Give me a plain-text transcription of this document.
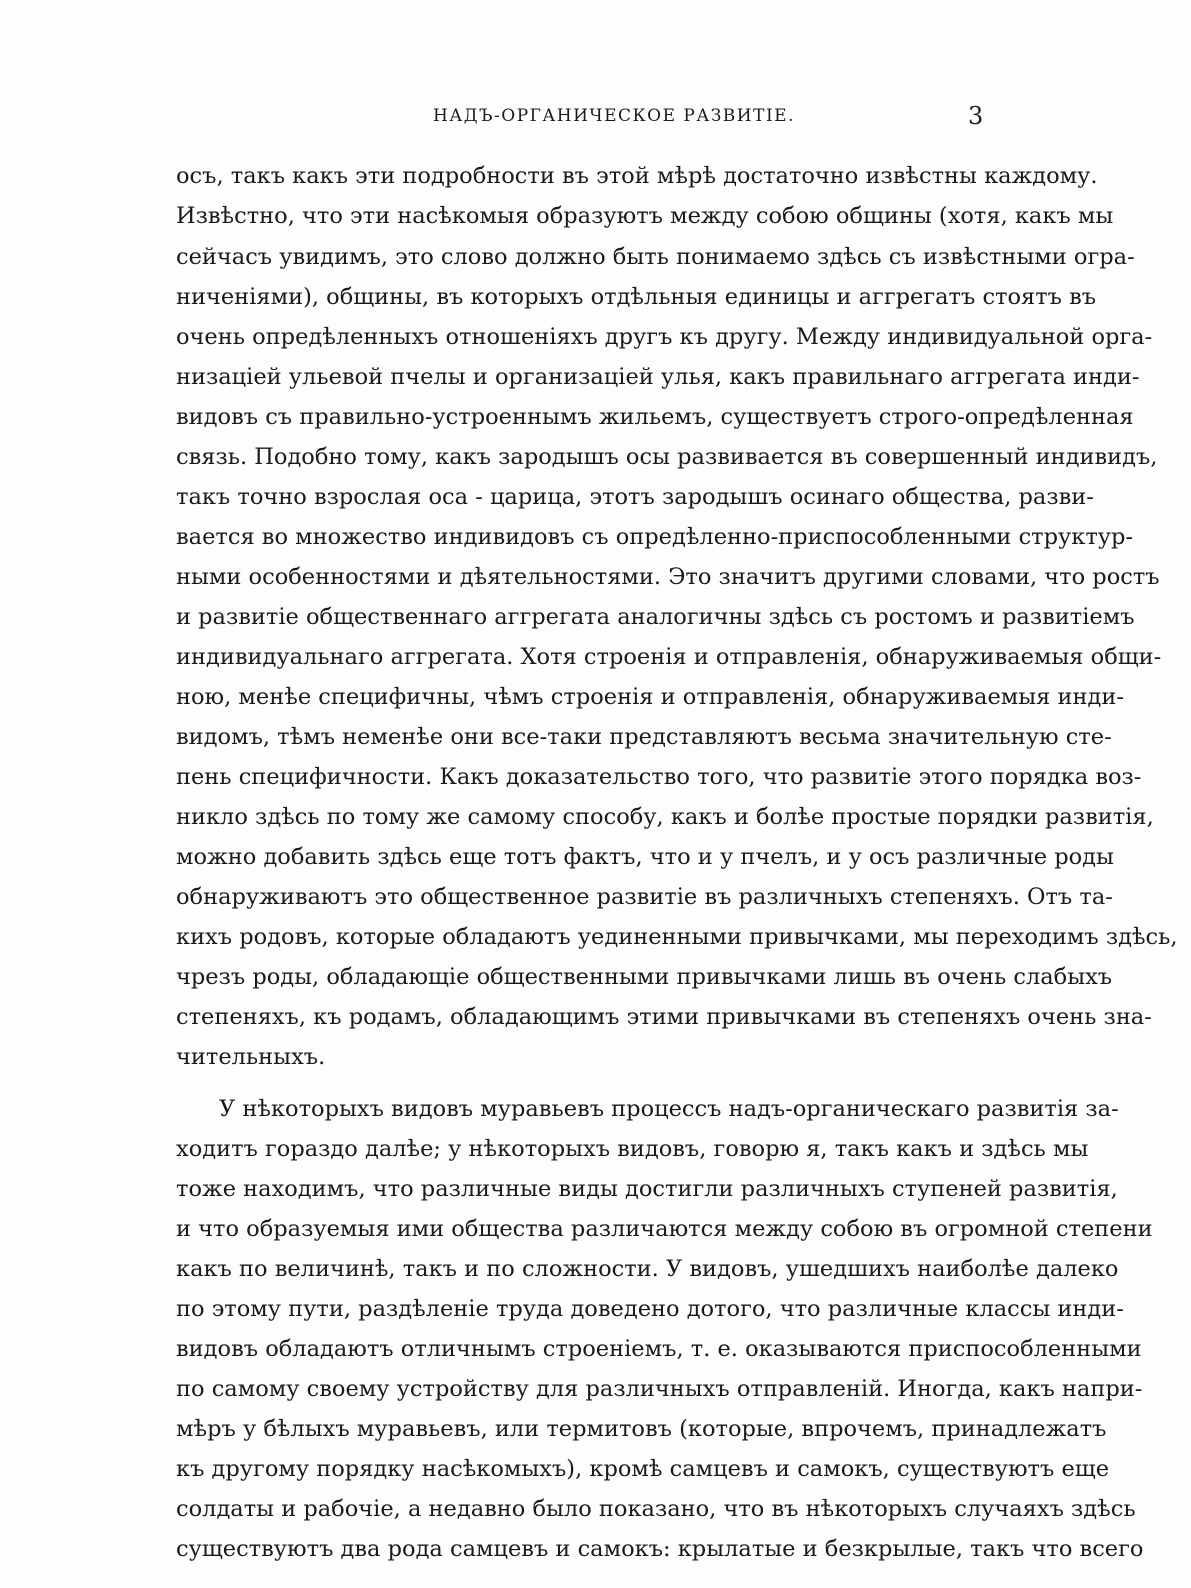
НАДЪ-ОРГАНИЧЕСКОЕ РАЗВИТІЕ.	3
осъ, такъ какъ эти подробности въ этой мѣрѣ достаточно извѣстны каждому.
Извѣстно, что эти насѣкомыя образуютъ между собою общины (хотя, какъ мы
сейчасъ увидимъ, это слово должно быть понимаемо здѣсь съ извѣстными огра-
ниченіями), общины, въ которыхъ отдѣльныя единицы и аггрегатъ стоятъ въ
очень опредѣленныхъ отношеніяхъ другъ къ другу. Между индивидуальной орга-
низаціей ульевой пчелы и организаціей улья, какъ правильнаго аггрегата инди-
видовъ съ правильно-устроеннымъ жильемъ, существуетъ строго-опредѣленная
связь. Подобно тому, какъ зародышъ осы развивается въ совершенный индивидъ,
такъ точно взрослая оса - царица, этотъ зародышъ осинаго общества, разви-
вается во множество индивидовъ съ опредѣленно-приспособленными структур-
ными особенностями и дѣятельностями. Это значитъ другими словами, что ростъ
и развитіе общественнаго аггрегата аналогичны здѣсь съ ростомъ и развитіемъ
индивидуальнаго аггрегата. Хотя строенія и отправленія, обнаруживаемыя общи-
ною, менѣе специфичны, чѣмъ строенія и отправленія, обнаруживаемыя инди-
видомъ, тѣмъ неменѣе они все-таки представляютъ весьма значительную сте-
пень специфичности. Какъ доказательство того, что развитіе этого порядка воз-
никло здѣсь по тому же самому способу, какъ и болѣе простые порядки развитія,
можно добавить здѣсь еще тотъ фактъ, что и у пчелъ, и у осъ различные роды
обнаруживаютъ это общественное развитіе въ различныхъ степеняхъ. Отъ та-
кихъ родовъ, которые обладаютъ уединенными привычками, мы переходимъ здѣсь,
чрезъ роды, обладающіе общественными привычками лишь въ очень слабыхъ
степеняхъ, къ родамъ, обладающимъ этими привычками въ степеняхъ очень зна-
чительныхъ.
У нѣкоторыхъ видовъ муравьевъ процессъ надъ-органическаго развитія за-
ходитъ гораздо далѣе; у нѣкоторыхъ видовъ, говорю я, такъ какъ и здѣсь мы
тоже находимъ, что различные виды достигли различныхъ ступеней развитія,
и что образуемыя ими общества различаются между собою въ огромной степени
какъ по величинѣ, такъ и по сложности. У видовъ, ушедшихъ наиболѣе далеко
по этому пути, раздѣленіе труда доведено дотого, что различные классы инди-
видовъ обладаютъ отличнымъ строеніемъ, т. е. оказываются приспособленными
по самому своему устройству для различныхъ отправленій. Иногда, какъ напри-
мѣръ у бѣлыхъ муравьевъ, или термитовъ (которые, впрочемъ, принадлежатъ
къ другому порядку насѣкомыхъ), кромѣ самцевъ и самокъ, существуютъ еще
солдаты и рабочіе, а недавно было показано, что въ нѣкоторыхъ случаяхъ здѣсь
существуютъ два рода самцевъ и самокъ: крылатые и безкрылые, такъ что всего
